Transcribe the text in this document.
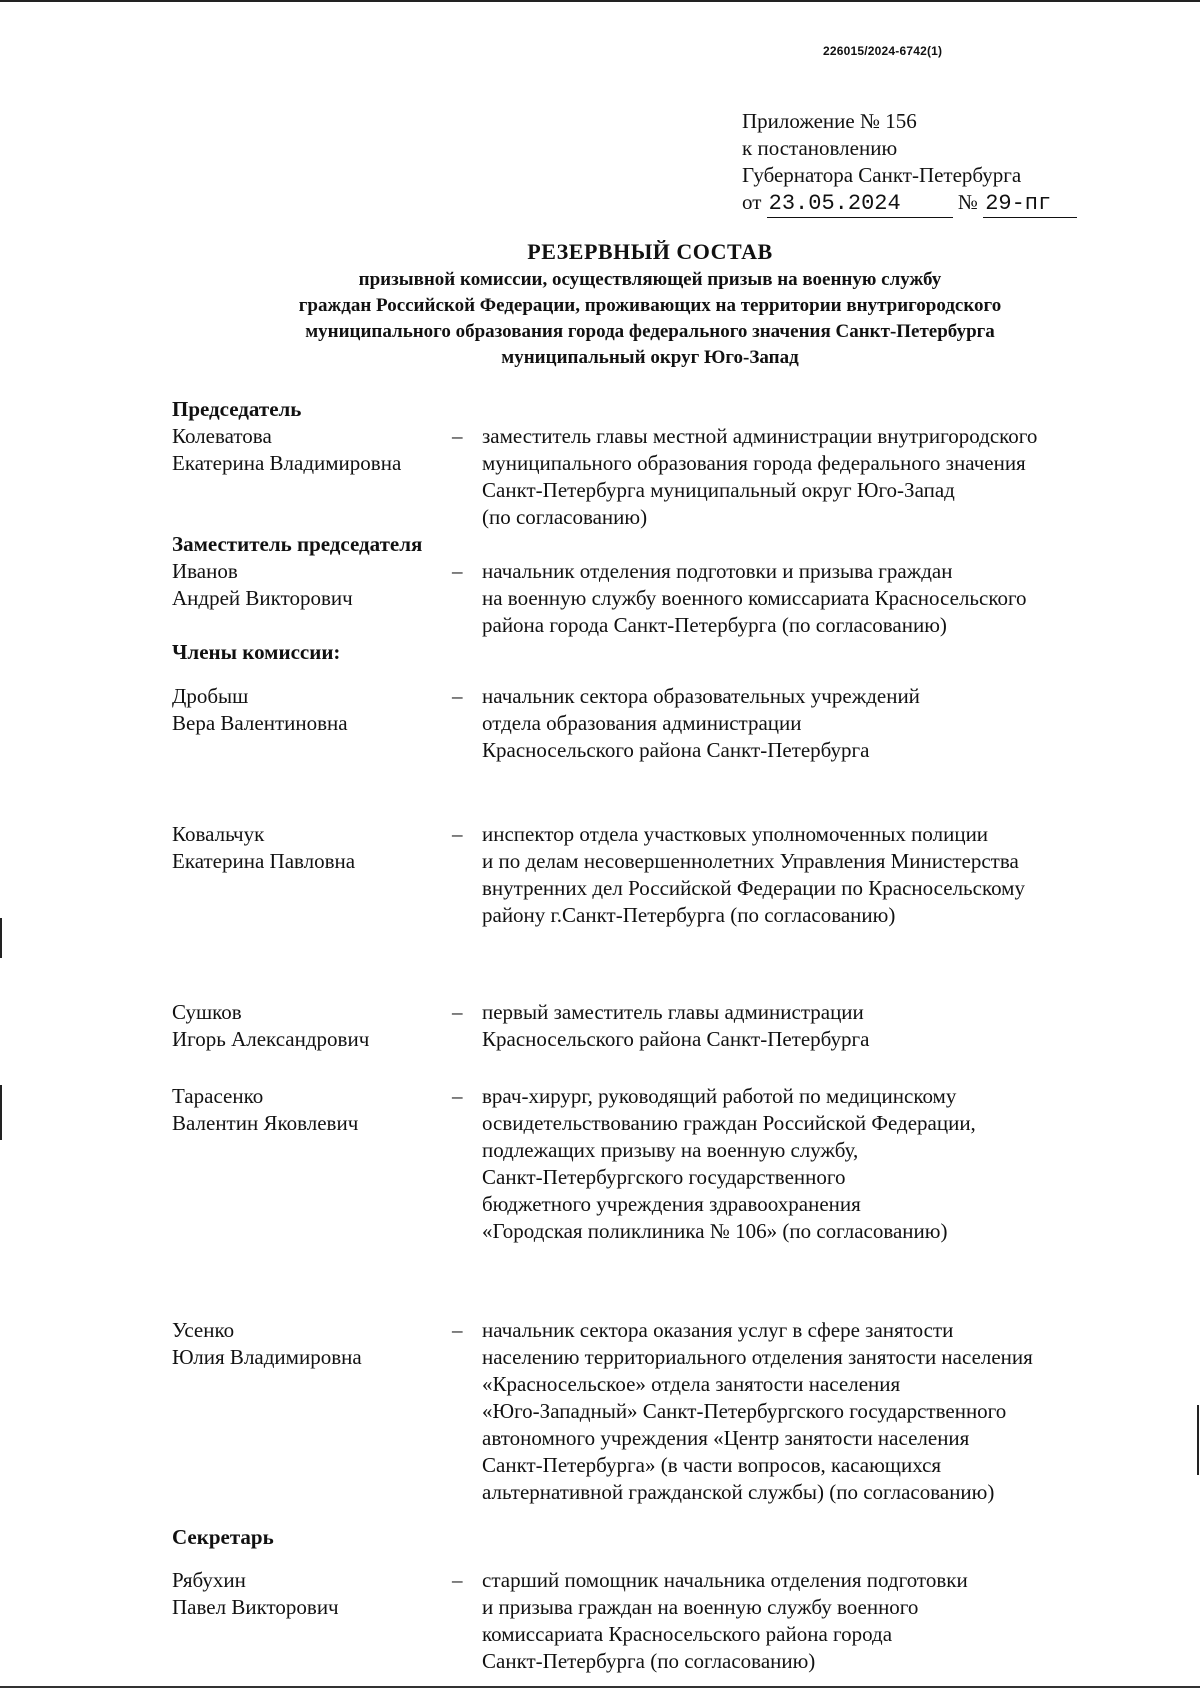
226015/2024-6742(1)
Приложение № 156
к постановлению
Губернатора Санкт-Петербурга
от 23.05.2024	№ 29-пг
РЕЗЕРВНЫЙ СОСТАВ
призывной комиссии, осуществляющей призыв на военную службу
граждан Российской Федерации, проживающих на территории внутригородского
муниципального образования города федерального значения Санкт-Петербурга
муниципальный округ Юго-Запад
Председатель
Колеватова
Екатерина Владимировна
– заместитель главы местной администрации внутригородского
муниципального образования города федерального значения
Санкт-Петербурга муниципальный округ Юго-Запад
(по согласованию)
Заместитель председателя
Иванов
Андрей Викторович
– начальник отделения подготовки и призыва граждан
на военную службу военного комиссариата Красносельского
района города Санкт-Петербурга (по согласованию)
Члены комиссии:
Дробыш
Вера Валентиновна
– начальник сектора образовательных учреждений
отдела образования администрации
Красносельского района Санкт-Петербурга
Ковальчук
Екатерина Павловна
– инспектор отдела участковых уполномоченных полиции
и по делам несовершеннолетних Управления Министерства
внутренних дел Российской Федерации по Красносельскому
району г.Санкт-Петербурга (по согласованию)
Сушков
Игорь Александрович
– первый заместитель главы администрации
Красносельского района Санкт-Петербурга
Тарасенко
Валентин Яковлевич
– врач-хирург, руководящий работой по медицинскому
освидетельствованию граждан Российской Федерации,
подлежащих призыву на военную службу,
Санкт-Петербургского государственного
бюджетного учреждения здравоохранения
«Городская поликлиника № 106» (по согласованию)
Усенко
Юлия Владимировна
– начальник сектора оказания услуг в сфере занятости
населению территориального отделения занятости населения
«Красносельское» отдела занятости населения
«Юго-Западный» Санкт-Петербургского государственного
автономного учреждения «Центр занятости населения
Санкт-Петербурга» (в части вопросов, касающихся
альтернативной гражданской службы) (по согласованию)
Секретарь
Рябухин
Павел Викторович
– старший помощник начальника отделения подготовки
и призыва граждан на военную службу военного
комиссариата Красносельского района города
Санкт-Петербурга (по согласованию)
